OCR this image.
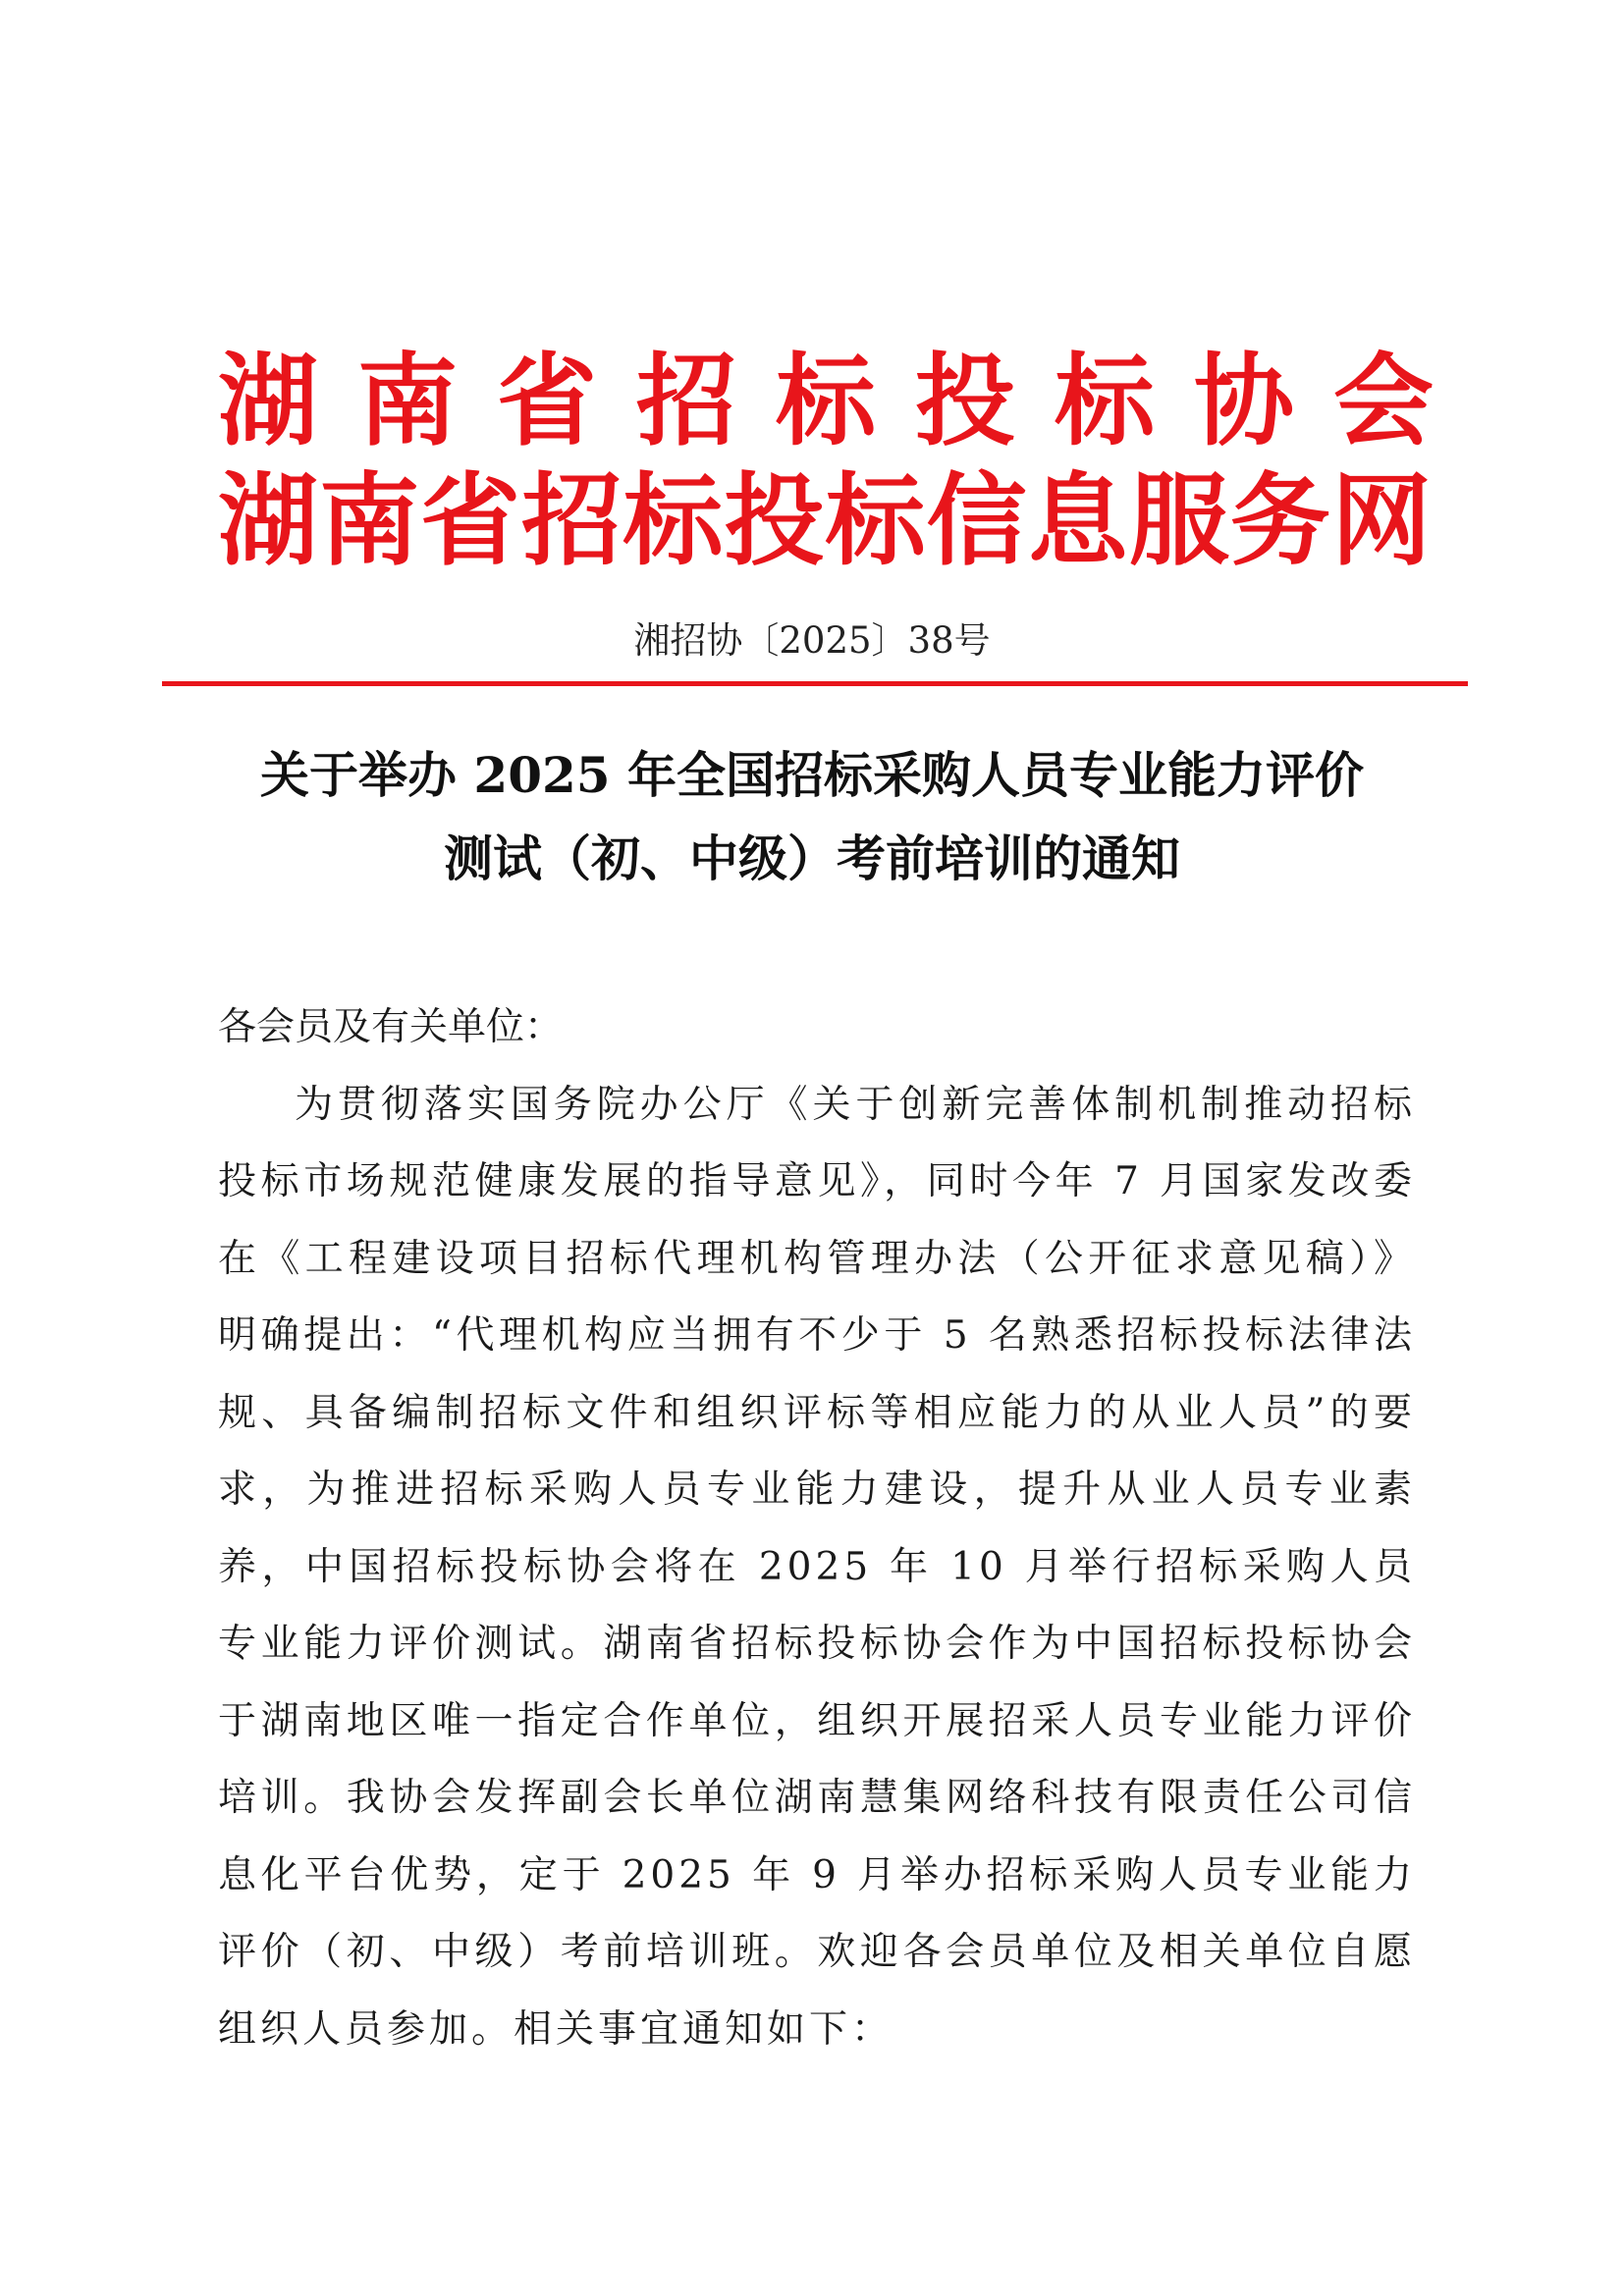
湖南省招标投标协会
湖南省招标投标信息服务网
湘招协〔2025〕38号
关于举办 2025 年全国招标采购人员专业能力评价
测试（初、中级）考前培训的通知

各会员及有关单位：

为贯彻落实国务院办公厅《关于创新完善体制机制推动招标投标市场规范健康发展的指导意见》，同时今年 7 月国家发改委在《工程建设项目招标代理机构管理办法（公开征求意见稿）》明确提出：“代理机构应当拥有不少于 5 名熟悉招标投标法律法规、具备编制招标文件和组织评标等相应能力的从业人员”的要求，为推进招标采购人员专业能力建设，提升从业人员专业素养，中国招标投标协会将在 2025 年 10 月举行招标采购人员专业能力评价测试。湖南省招标投标协会作为中国招标投标协会于湖南地区唯一指定合作单位，组织开展招采人员专业能力评价培训。我协会发挥副会长单位湖南慧集网络科技有限责任公司信息化平台优势，定于 2025 年 9 月举办招标采购人员专业能力评价（初、中级）考前培训班。欢迎各会员单位及相关单位自愿组织人员参加。相关事宜通知如下：
